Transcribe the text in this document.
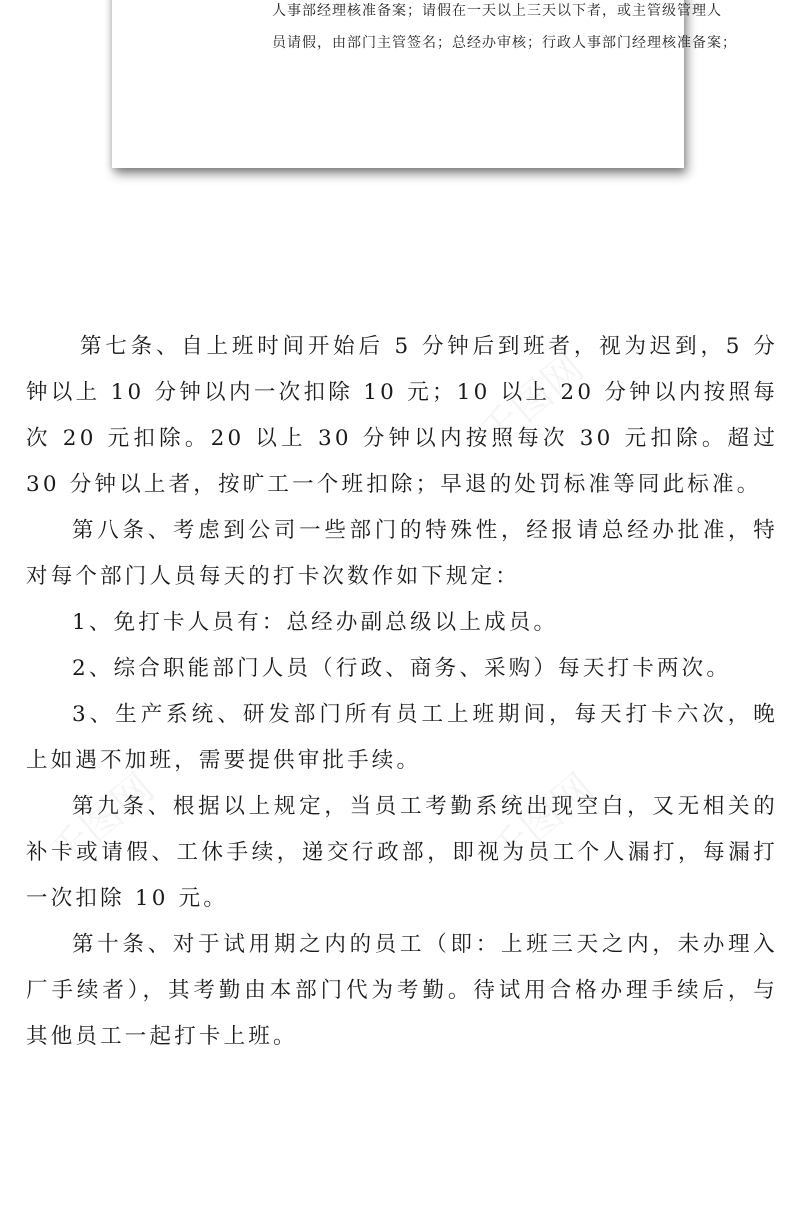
人事部经理核准备案；请假在一天以上三天以下者，或主管级管理人
员请假，由部门主管签名；总经办审核；行政人事部门经理核准备案；

第七条、自上班时间开始后 5 分钟后到班者，视为迟到，5 分钟以上 10 分钟以内一次扣除 10 元；10 以上 20 分钟以内按照每次 20 元扣除。20 以上 30 分钟以内按照每次 30 元扣除。超过 30 分钟以上者，按旷工一个班扣除；早退的处罚标准等同此标准。

第八条、考虑到公司一些部门的特殊性，经报请总经办批准，特对每个部门人员每天的打卡次数作如下规定：

1、免打卡人员有：总经办副总级以上成员。

2、综合职能部门人员（行政、商务、采购）每天打卡两次。

3、生产系统、研发部门所有员工上班期间，每天打卡六次，晚上如遇不加班，需要提供审批手续。

第九条、根据以上规定，当员工考勤系统出现空白，又无相关的补卡或请假、工休手续，递交行政部，即视为员工个人漏打，每漏打一次扣除 10 元。

第十条、对于试用期之内的员工（即：上班三天之内，未办理入厂手续者），其考勤由本部门代为考勤。待试用合格办理手续后，与其他员工一起打卡上班。
